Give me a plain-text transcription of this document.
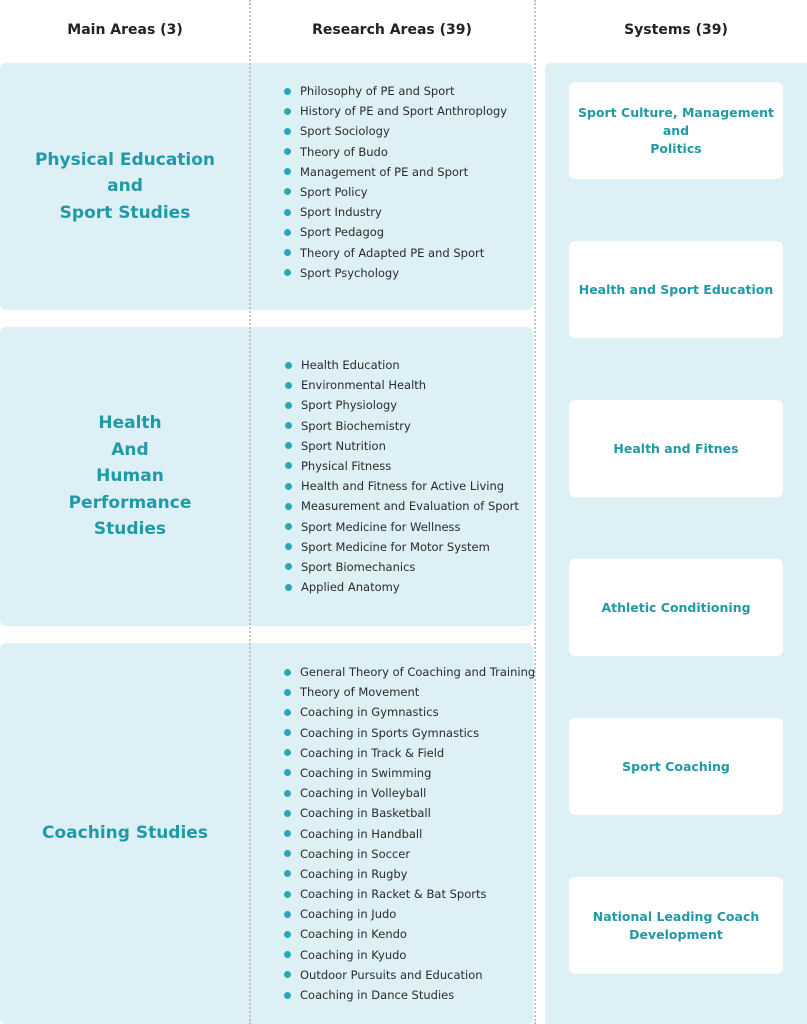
Main Areas (3)	Research Areas (39)	Systems (39)
Physical Education
and
Sport Studies
Health
And
Human
Performance
Studies
Coaching Studies
Philosophy of PE and Sport
History of PE and Sport Anthroplogy
Sport Sociology
Theory of Budo
Management of PE and Sport
Sport Policy
Sport Industry
Sport Pedagog
Theory of Adapted PE and Sport
Sport Psychology
Health Education
Environmental Health
Sport Physiology
Sport Biochemistry
Sport Nutrition
Physical Fitness
Health and Fitness for Active Living
Measurement and Evaluation of Sport
Sport Medicine for Wellness
Sport Medicine for Motor System
Sport Biomechanics
Applied Anatomy
General Theory of Coaching and Training
Theory of Movement
Coaching in Gymnastics
Coaching in Sports Gymnastics
Coaching in Track & Field
Coaching in Swimming
Coaching in Volleyball
Coaching in Basketball
Coaching in Handball
Coaching in Soccer
Coaching in Rugby
Coaching in Racket & Bat Sports
Coaching in Judo
Coaching in Kendo
Coaching in Kyudo
Outdoor Pursuits and Education
Coaching in Dance Studies
Sport Culture, Management
and
Politics
Health and Sport Education
Health and Fitnes
Athletic Conditioning
Sport Coaching
National Leading Coach
Development
